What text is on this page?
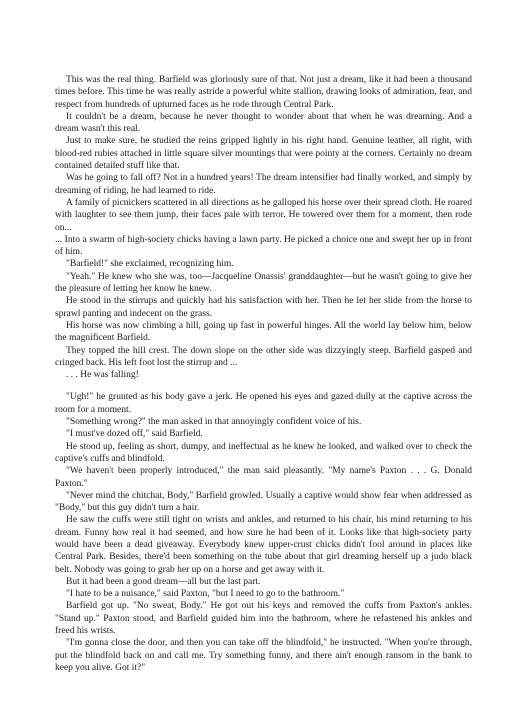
This was the real thing. Barfield was gloriously sure of that. Not just a dream, like it had been a thousand times before. This time he was really astride a powerful white stallion, drawing looks of admiration, fear, and respect from hundreds of upturned faces as he rode through Central Park.

It couldn't be a dream, because he never thought to wonder about that when he was dreaming. And a dream wasn't this real.

Just to make sure, he studied the reins gripped lightly in his right hand. Genuine leather, all right, with blood-red rubies attached in little square silver mountings that were pointy at the corners. Certainly no dream contained detailed stuff like that.

Was he going to fall off? Not in a hundred years! The dream intensifier had finally worked, and simply by dreaming of riding, he had learned to ride.

A family of picnickers scattered in all directions as he galloped his horse over their spread cloth. He roared with laughter to see them jump, their faces pale with terror. He towered over them for a moment, then rode on...

... Into a swarm of high-society chicks having a lawn party. He picked a choice one and swept her up in front of him.

"Barfield!" she exclaimed, recognizing him.

"Yeah." He knew who she was, too—Jacqueline Onassis' granddaughter—but he wasn't going to give her the pleasure of letting her know he knew.

He stood in the stirrups and quickly had his satisfaction with her. Then he let her slide from the horse to sprawl panting and indecent on the grass.

His horse was now climbing a hill, going up fast in powerful hinges. All the world lay below him, below the magnificent Barfield.

They topped the hill crest. The down slope on the other side was dizzyingly steep. Barfield gasped and cringed back. His left foot lost the stirrup and ...

. . . He was falling!

"Ugh!" he grunted as his body gave a jerk. He opened his eyes and gazed dully at the captive across the room for a moment.

"Something wrong?" the man asked in that annoyingly confident voice of his.

"I must've dozed off," said Barfield.

He stood up, feeling as short, dumpy, and ineffectual as he knew he looked, and walked over to check the captive's cuffs and blindfold.

"We haven't been properly introduced," the man said pleasantly. "My name's Paxton . . . G. Donald Paxton."

"Never mind the chitchat, Body," Barfield growled. Usually a captive would show fear when addressed as "Body," but this guy didn't turn a hair.

He saw the cuffs were still tight on wrists and ankles, and returned to his chair, his mind returning to his dream. Funny how real it had seemed, and how sure he had been of it. Looks like that high-society party would have been a dead giveaway. Everybody knew upper-crust chicks didn't fool around in places like Central Park. Besides, there'd been something on the tube about that girl dreaming herself up a judo black belt. Nobody was going to grab her up on a horse and get away with it.

But it had been a good dream—all but the last part.

"I hate to be a nuisance," said Paxton, "but I need to go to the bathroom."

Barfield got up. "No sweat, Body." He got out his keys and removed the cuffs from Paxton's ankles. "Stand up." Paxton stood, and Barfield guided him into the bathroom, where he refastened his ankles and freed his wrists.

"I'm gonna close the door, and then you can take off the blindfold," he instructed. "When you're through, put the blindfold back on and call me. Try something funny, and there ain't enough ransom in the bank to keep you alive. Got it?"
